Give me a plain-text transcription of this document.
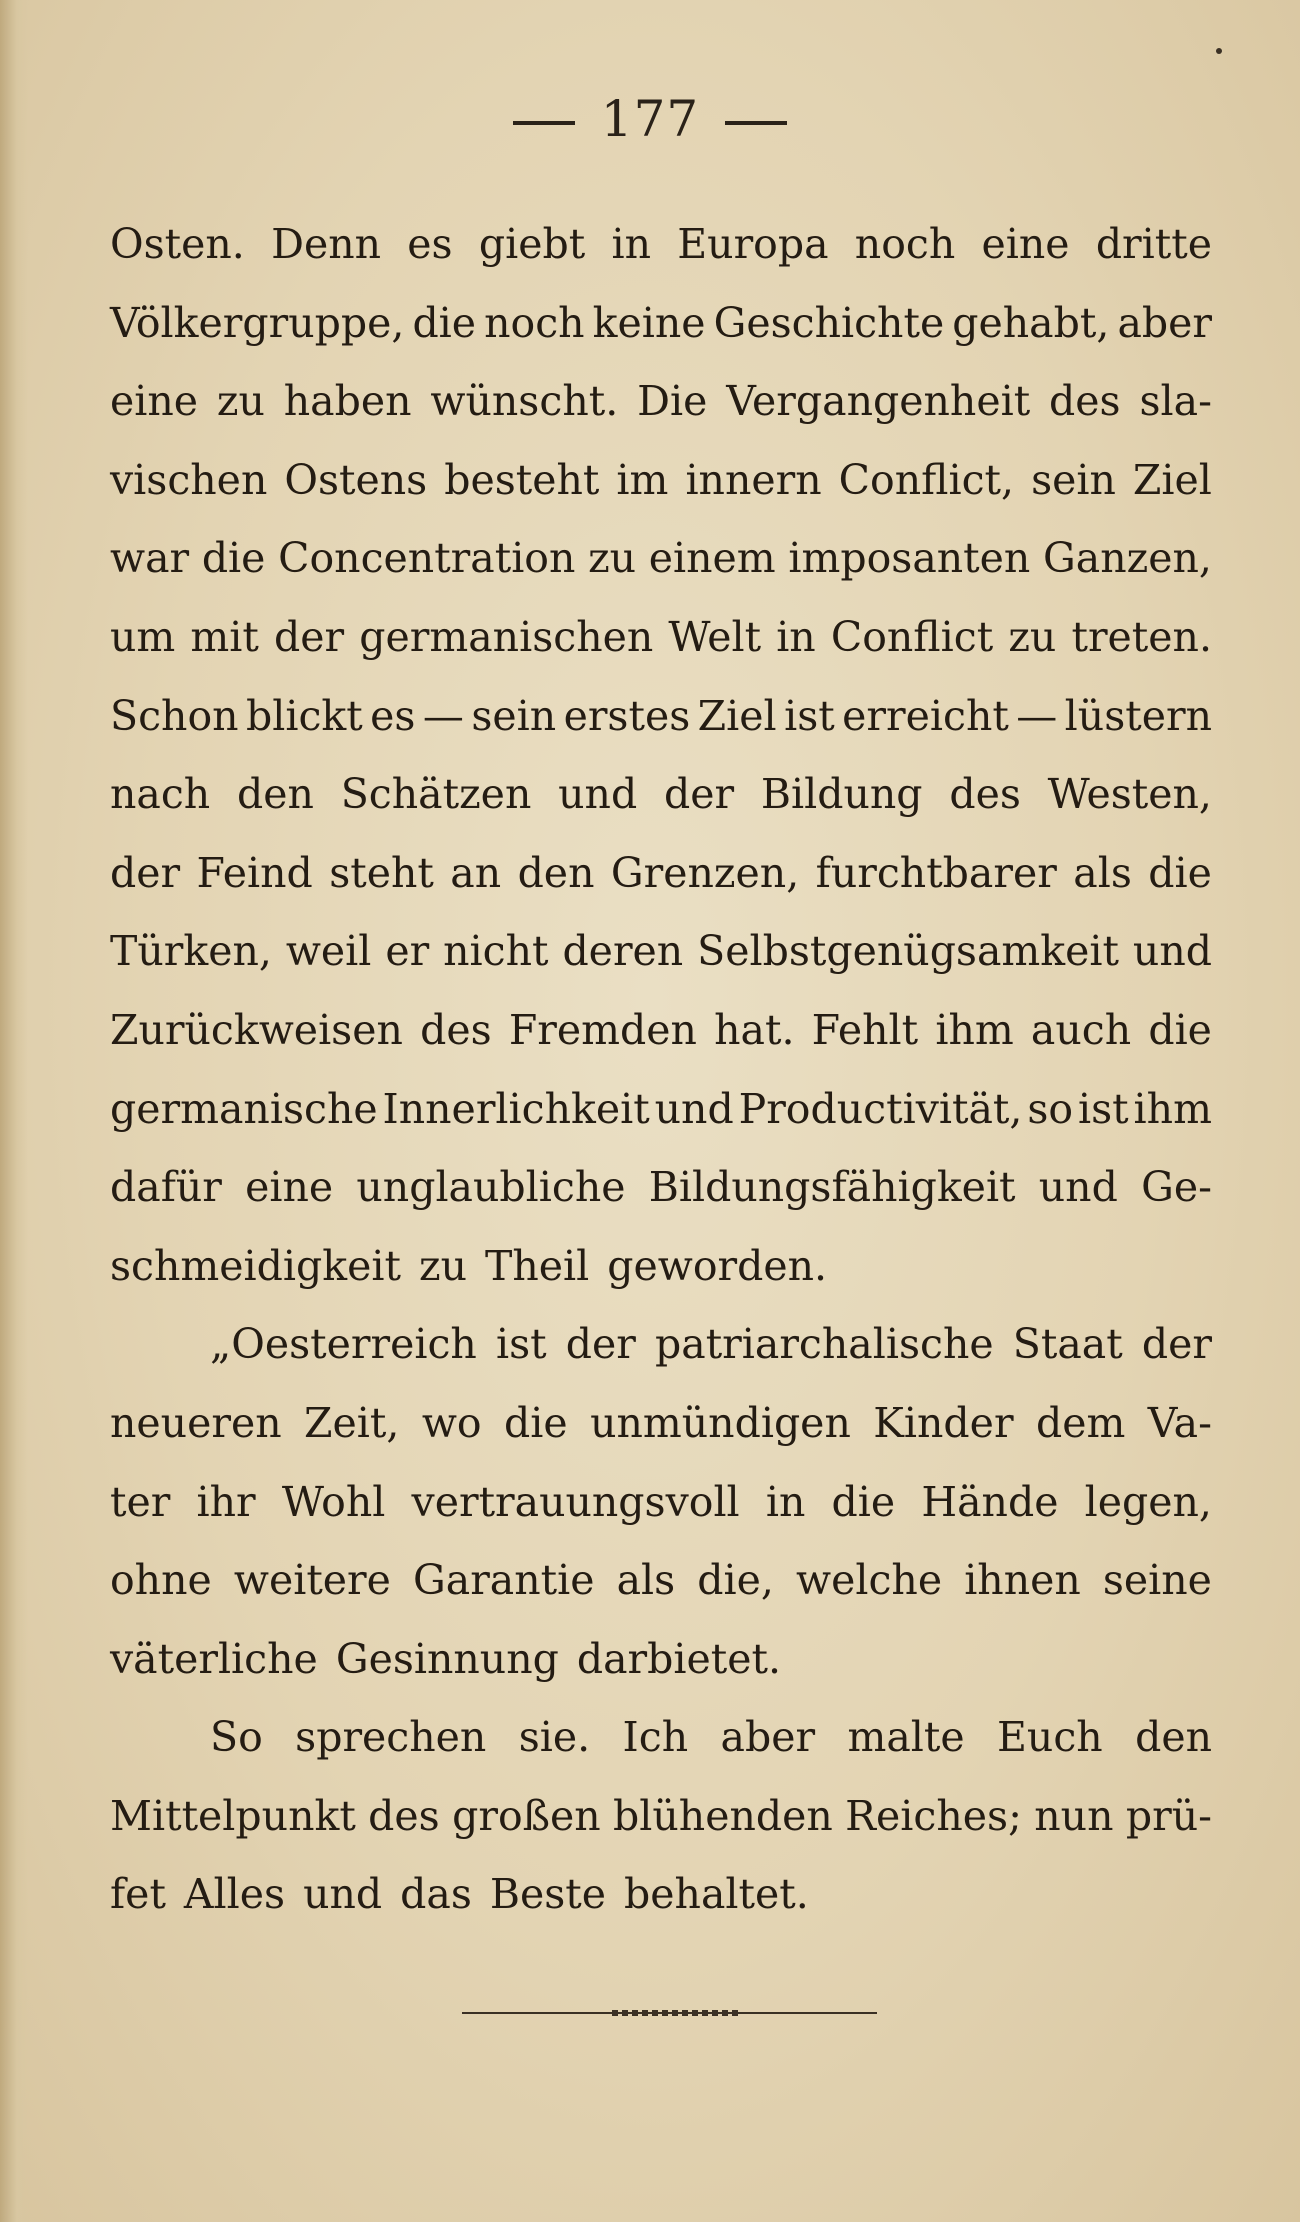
177
Osten. Denn es giebt in Europa noch eine dritte
Völkergruppe, die noch keine Geschichte gehabt, aber
eine zu haben wünscht. Die Vergangenheit des sla-
vischen Ostens besteht im innern Conflict, sein Ziel
war die Concentration zu einem imposanten Ganzen,
um mit der germanischen Welt in Conflict zu treten.
Schon blickt es — sein erstes Ziel ist erreicht — lüstern
nach den Schätzen und der Bildung des Westen,
der Feind steht an den Grenzen, furchtbarer als die
Türken, weil er nicht deren Selbstgenügsamkeit und
Zurückweisen des Fremden hat. Fehlt ihm auch die
germanische Innerlichkeit und Productivität, so ist ihm
dafür eine unglaubliche Bildungsfähigkeit und Ge-
schmeidigkeit zu Theil geworden.
„Oesterreich ist der patriarchalische Staat der
neueren Zeit, wo die unmündigen Kinder dem Va-
ter ihr Wohl vertrauungsvoll in die Hände legen,
ohne weitere Garantie als die, welche ihnen seine
väterliche Gesinnung darbietet.
So sprechen sie. Ich aber malte Euch den
Mittelpunkt des großen blühenden Reiches; nun prü-
fet Alles und das Beste behaltet.
